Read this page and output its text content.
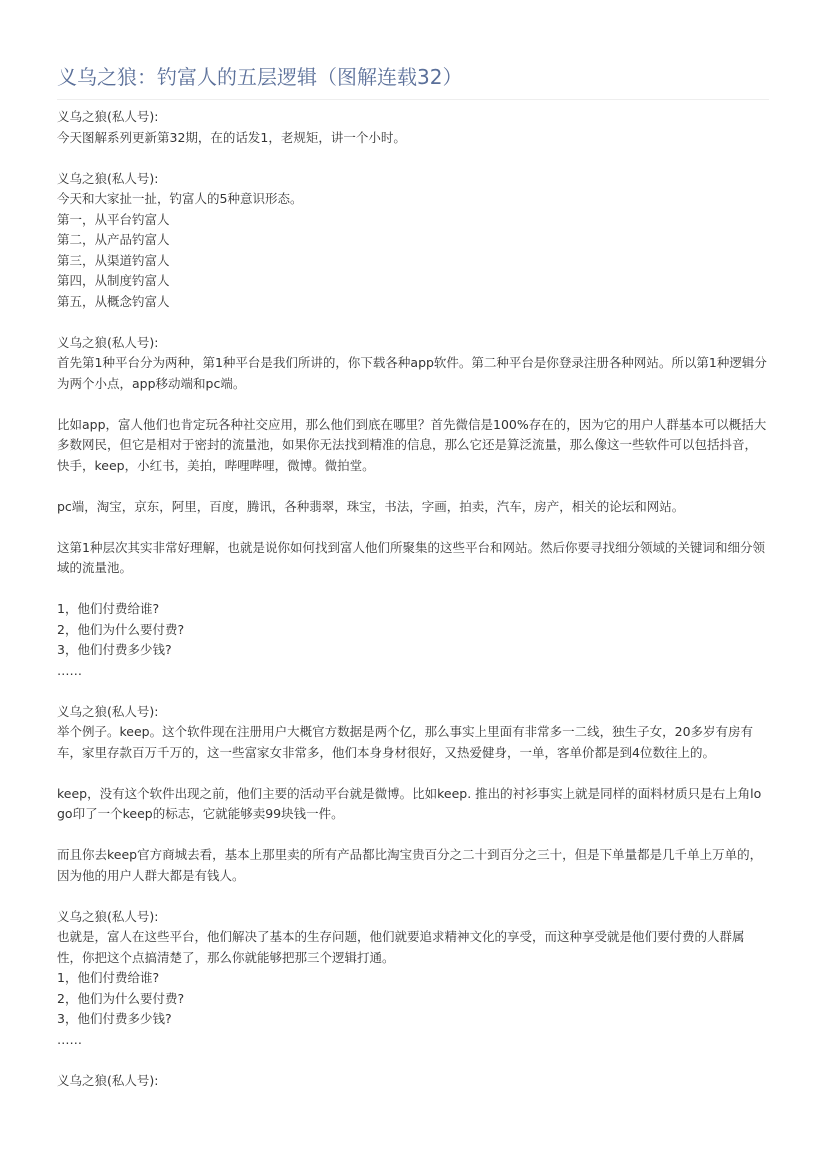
义乌之狼：钓富人的五层逻辑（图解连载32）
义乌之狼(私人号):
今天图解系列更新第32期，在的话发1，老规矩，讲一个小时。
义乌之狼(私人号):
今天和大家扯一扯，钓富人的5种意识形态。
第一，从平台钓富人
第二，从产品钓富人
第三，从渠道钓富人
第四，从制度钓富人
第五，从概念钓富人
义乌之狼(私人号):
首先第1种平台分为两种，第1种平台是我们所讲的，你下载各种app软件。第二种平台是你登录注册各种网站。所以第1种逻辑分为两个小点，app移动端和pc端。
比如app，富人他们也肯定玩各种社交应用，那么他们到底在哪里？首先微信是100%存在的，因为它的用户人群基本可以概括大多数网民，但它是相对于密封的流量池，如果你无法找到精准的信息，那么它还是算泛流量，那么像这一些软件可以包括抖音，快手，keep，小红书，美拍，哔哩哔哩，微博。微拍堂。
pc端，淘宝，京东，阿里，百度，腾讯，各种翡翠，珠宝，书法，字画，拍卖，汽车，房产，相关的论坛和网站。
这第1种层次其实非常好理解，也就是说你如何找到富人他们所聚集的这些平台和网站。然后你要寻找细分领域的关键词和细分领域的流量池。
1，他们付费给谁?
2，他们为什么要付费?
3，他们付费多少钱?
……
义乌之狼(私人号):
举个例子。keep。这个软件现在注册用户大概官方数据是两个亿，那么事实上里面有非常多一二线，独生子女，20多岁有房有车，家里存款百万千万的，这一些富家女非常多，他们本身身材很好，又热爱健身，一单，客单价都是到4位数往上的。
keep，没有这个软件出现之前，他们主要的活动平台就是微博。比如keep. 推出的衬衫事实上就是同样的面料材质只是右上角logo印了一个keep的标志，它就能够卖99块钱一件。
而且你去keep官方商城去看，基本上那里卖的所有产品都比淘宝贵百分之二十到百分之三十，但是下单量都是几千单上万单的，因为他的用户人群大都是有钱人。
义乌之狼(私人号):
也就是，富人在这些平台，他们解决了基本的生存问题，他们就要追求精神文化的享受，而这种享受就是他们要付费的人群属性，你把这个点搞清楚了，那么你就能够把那三个逻辑打通。
1，他们付费给谁?
2，他们为什么要付费?
3，他们付费多少钱?
……
义乌之狼(私人号):
